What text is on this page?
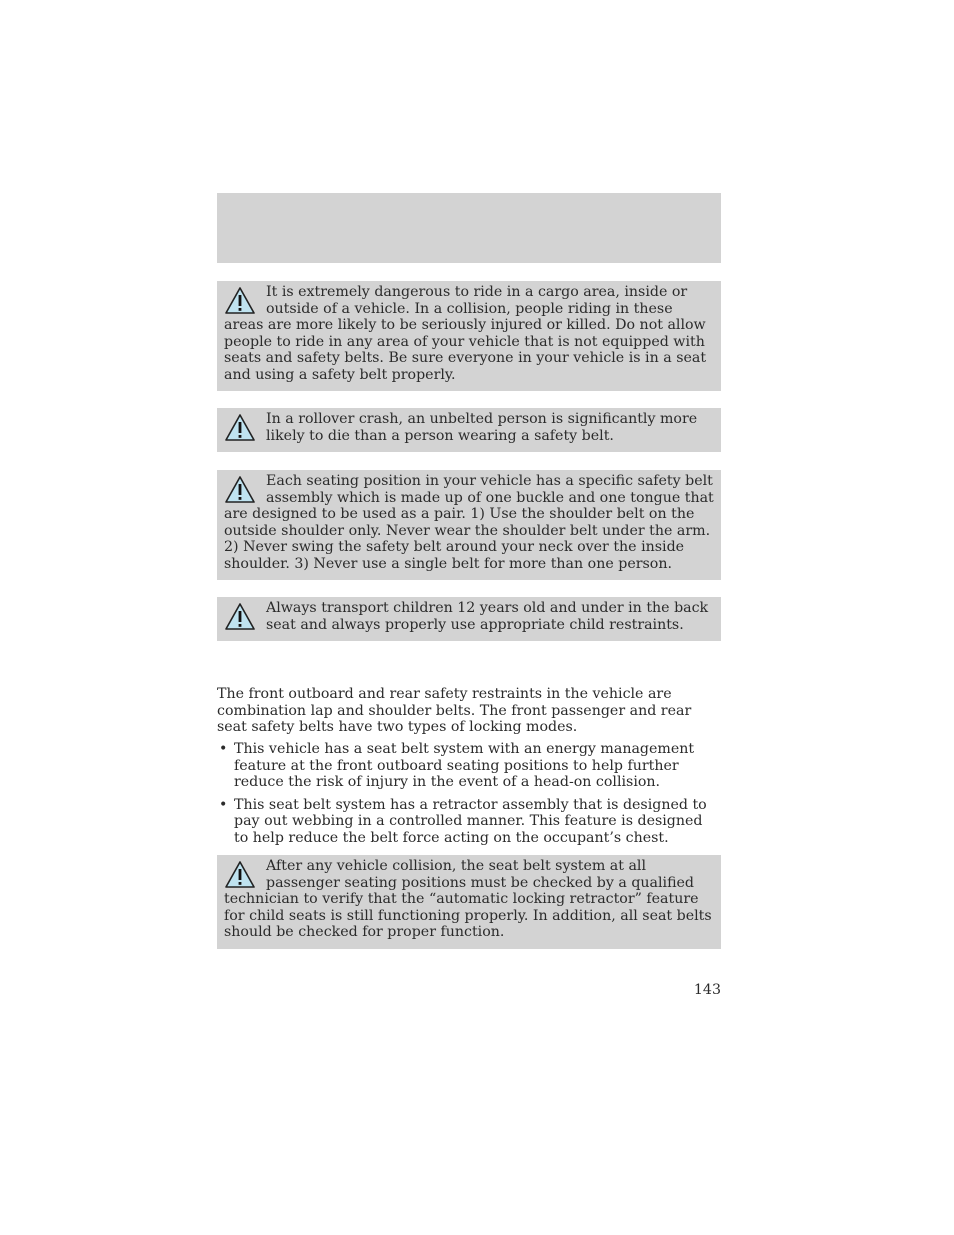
It is extremely dangerous to ride in a cargo area, inside or outside of a vehicle. In a collision, people riding in these areas are more likely to be seriously injured or killed. Do not allow people to ride in any area of your vehicle that is not equipped with seats and safety belts. Be sure everyone in your vehicle is in a seat and using a safety belt properly.
In a rollover crash, an unbelted person is significantly more likely to die than a person wearing a safety belt.
Each seating position in your vehicle has a specific safety belt assembly which is made up of one buckle and one tongue that are designed to be used as a pair. 1) Use the shoulder belt on the outside shoulder only. Never wear the shoulder belt under the arm. 2) Never swing the safety belt around your neck over the inside shoulder. 3) Never use a single belt for more than one person.
Always transport children 12 years old and under in the back seat and always properly use appropriate child restraints.

The front outboard and rear safety restraints in the vehicle are combination lap and shoulder belts. The front passenger and rear seat safety belts have two types of locking modes.

• This vehicle has a seat belt system with an energy management feature at the front outboard seating positions to help further reduce the risk of injury in the event of a head-on collision.
• This seat belt system has a retractor assembly that is designed to pay out webbing in a controlled manner. This feature is designed to help reduce the belt force acting on the occupant’s chest.
After any vehicle collision, the seat belt system at all passenger seating positions must be checked by a qualified technician to verify that the “automatic locking retractor” feature for child seats is still functioning properly. In addition, all seat belts should be checked for proper function.
143
